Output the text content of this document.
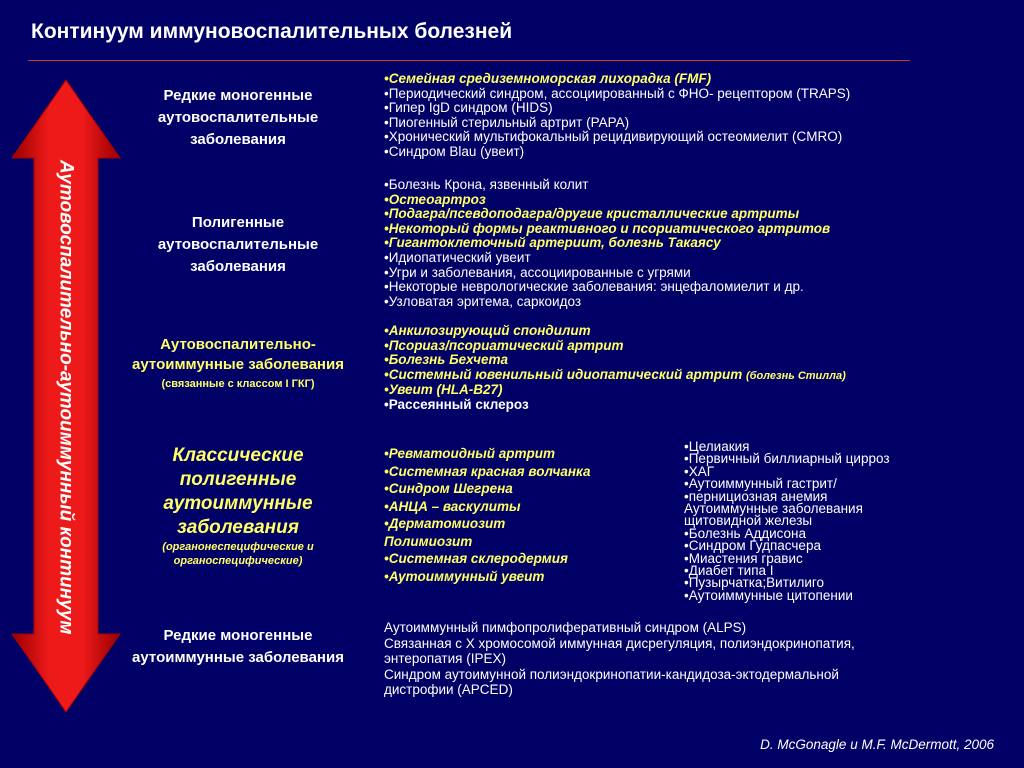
Континуум иммуновоспалительных болезней
Аутовоспалительно-аутоиммунный континуум
Редкие моногенные аутовоспалительные заболевания
Полигенные аутовоспалительные заболевания
Аутовоспалительно-аутоиммунные заболевания
(связанные с классом I ГКГ)
Классические полигенные аутоиммунные заболевания
(органонеспецифические и органоспецифические)
Редкие моногенные аутоиммунные заболевания
•Семейная средиземноморская лихорадка (FMF)
•Периодический синдром, ассоциированный с ФНО- рецептором (TRAPS)
•Гипер IgD синдром (HIDS)
•Пиогенный стерильный артрит (PAPA)
•Хронический мультифокальный рецидивирующий остеомиелит (CMRO)
•Синдром Blau (увеит)
•Болезнь Крона, язвенный колит
•Остеоартроз
•Подагра/псевдоподагра/другие кристаллические артриты
•Некоторый формы реактивного и псориатического артритов
•Гигантоклеточный артериит, болезнь Такаясу
•Идиопатический увеит
•Угри и заболевания, ассоциированные с угрями
•Некоторые неврологические заболевания: энцефаломиелит и др.
•Узловатая эритема, саркоидоз
•Анкилозирующий спондилит
•Псориаз/псориатический артрит
•Болезнь Бехчета
•Системный ювенильный идиопатический артрит (болезнь Стилла)
•Увеит (HLA-B27)
•Рассеянный склероз
•Ревматоидный артрит
•Системная красная волчанка
•Синдром Шегрена
•АНЦА – васкулиты
•Дерматомиозит
Полимиозит
•Системная склеродермия
•Аутоиммунный увеит
•Целиакия
•Первичный биллиарный цирроз
•ХАГ
•Аутоиммунный гастрит/
•пернициозная анемия
Аутоиммунные заболевания
щитовидной железы
•Болезнь Аддисона
•Синдром Гудпасчера
•Миастения гравис
•Диабет типа I
•Пузырчатка;Витилиго
•Аутоиммунные цитопении
Аутоиммунный пимфопролиферативный синдром (ALPS)
Связанная с X хромосомой иммунная дисрегуляция, полиэндокринопатия,
энтеропатия (IPEX)
Синдром аутоимунной полиэндокринопатии-кандидоза-эктодермальной
дистрофии (APCED)
D. McGonagle и M.F. McDermott, 2006
